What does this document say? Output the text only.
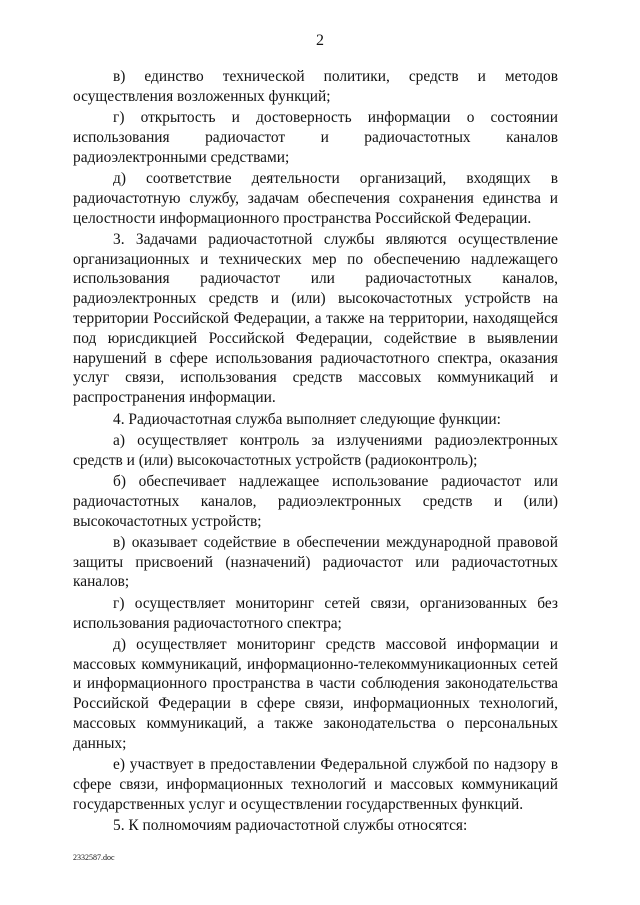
2

в) единство технической политики, средств и методов осуществления возложенных функций;

г) открытость и достоверность информации о состоянии использования радиочастот и радиочастотных каналов радиоэлектронными средствами;

д) соответствие деятельности организаций, входящих в радиочастотную службу, задачам обеспечения сохранения единства и целостности информационного пространства Российской Федерации.

3. Задачами радиочастотной службы являются осуществление организационных и технических мер по обеспечению надлежащего использования радиочастот или радиочастотных каналов, радиоэлектронных средств и (или) высокочастотных устройств на территории Российской Федерации, а также на территории, находящейся под юрисдикцией Российской Федерации, содействие в выявлении нарушений в сфере использования радиочастотного спектра, оказания услуг связи, использования средств массовых коммуникаций и распространения информации.

4. Радиочастотная служба выполняет следующие функции:

а) осуществляет контроль за излучениями радиоэлектронных средств и (или) высокочастотных устройств (радиоконтроль);

б) обеспечивает надлежащее использование радиочастот или радиочастотных каналов, радиоэлектронных средств и (или) высокочастотных устройств;

в) оказывает содействие в обеспечении международной правовой защиты присвоений (назначений) радиочастот или радиочастотных каналов;

г) осуществляет мониторинг сетей связи, организованных без использования радиочастотного спектра;

д) осуществляет мониторинг средств массовой информации и массовых коммуникаций, информационно-телекоммуникационных сетей и информационного пространства в части соблюдения законодательства Российской Федерации в сфере связи, информационных технологий, массовых коммуникаций, а также законодательства о персональных данных;

е) участвует в предоставлении Федеральной службой по надзору в сфере связи, информационных технологий и массовых коммуникаций государственных услуг и осуществлении государственных функций.

5. К полномочиям радиочастотной службы относятся:

2332587.doc
